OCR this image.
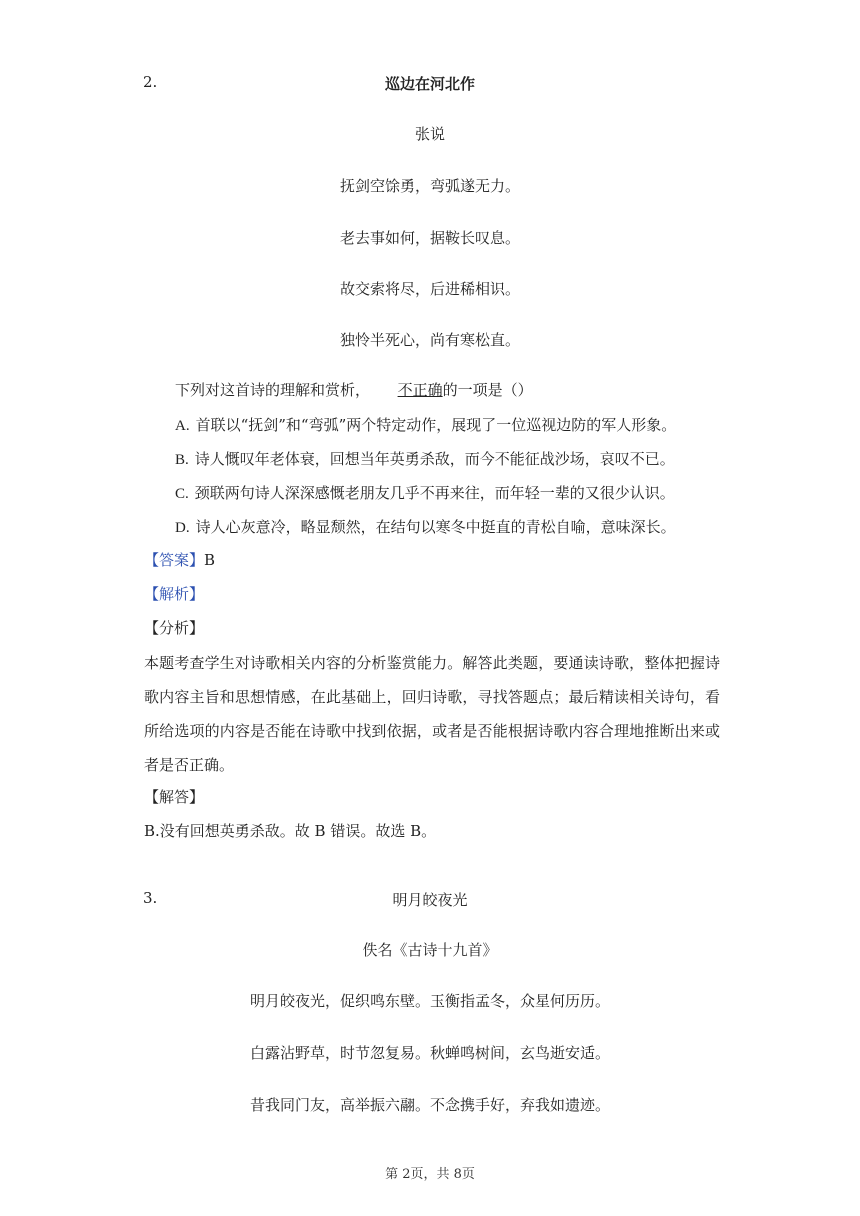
2.	巡边在河北作
张说
抚剑空馀勇，弯弧遂无力。
老去事如何，据鞍长叹息。
故交索将尽，后进稀相识。
独怜半死心，尚有寒松直。
下列对这首诗的理解和赏析， 不正确的一项是（）
A. 首联以“抚剑”和“弯弧”两个特定动作，展现了一位巡视边防的军人形象。
B. 诗人慨叹年老体衰，回想当年英勇杀敌，而今不能征战沙场，哀叹不已。
C. 颈联两句诗人深深感慨老朋友几乎不再来往，而年轻一辈的又很少认识。
D. 诗人心灰意冷，略显颓然，在结句以寒冬中挺直的青松自喻，意味深长。
【答案】B
【解析】
【分析】
本题考查学生对诗歌相关内容的分析鉴赏能力。解答此类题，要通读诗歌，整体把握诗歌内容主旨和思想情感，在此基础上，回归诗歌，寻找答题点；最后精读相关诗句，看所给选项的内容是否能在诗歌中找到依据，或者是否能根据诗歌内容合理地推断出来或者是否正确。
【解答】
B.没有回想英勇杀敌。故 B 错误。故选 B。
3.	明月皎夜光
佚名《古诗十九首》
明月皎夜光，促织鸣东壁。玉衡指孟冬，众星何历历。
白露沾野草，时节忽复易。秋蝉鸣树间，玄鸟逝安适。
昔我同门友，高举振六翮。不念携手好，弃我如遗迹。
第 2页，共 8页
